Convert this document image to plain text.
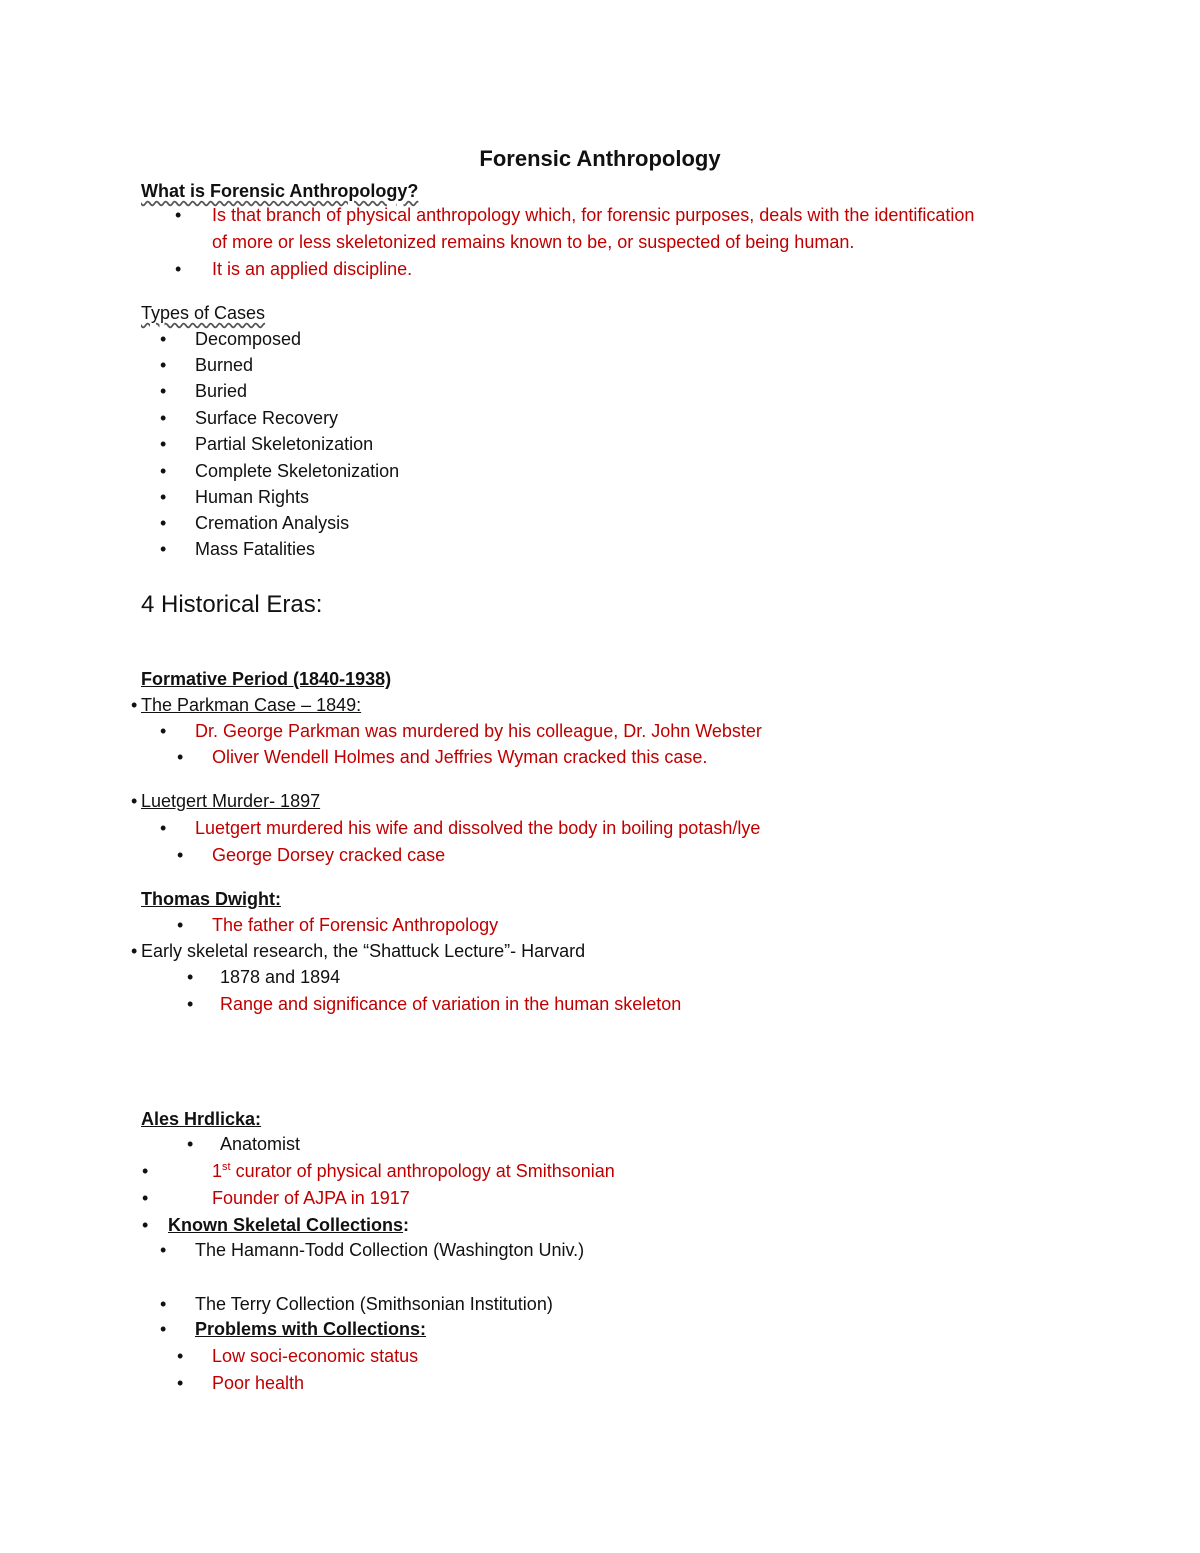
Forensic Anthropology
What is Forensic Anthropology?
• Is that branch of physical anthropology which, for forensic purposes, deals with the identification
of more or less skeletonized remains known to be, or suspected of being human.
• It is an applied discipline.
Types of Cases
• Decomposed
• Burned
• Buried
• Surface Recovery
• Partial Skeletonization
• Complete Skeletonization
• Human Rights
• Cremation Analysis
• Mass Fatalities
4 Historical Eras:
Formative Period (1840-1938)
• The Parkman Case – 1849:
• Dr. George Parkman was murdered by his colleague, Dr. John Webster
• Oliver Wendell Holmes and Jeffries Wyman cracked this case.
• Luetgert Murder- 1897
• Luetgert murdered his wife and dissolved the body in boiling potash/lye
• George Dorsey cracked case
Thomas Dwight:
• The father of Forensic Anthropology
• Early skeletal research, the “Shattuck Lecture”- Harvard
• 1878 and 1894
• Range and significance of variation in the human skeleton
Ales Hrdlicka:
• Anatomist
•	1st curator of physical anthropology at Smithsonian
•	Founder of AJPA in 1917
• Known Skeletal Collections:
• The Hamann-Todd Collection (Washington Univ.)
• The Terry Collection (Smithsonian Institution)
• Problems with Collections:
• Low soci-economic status
• Poor health
